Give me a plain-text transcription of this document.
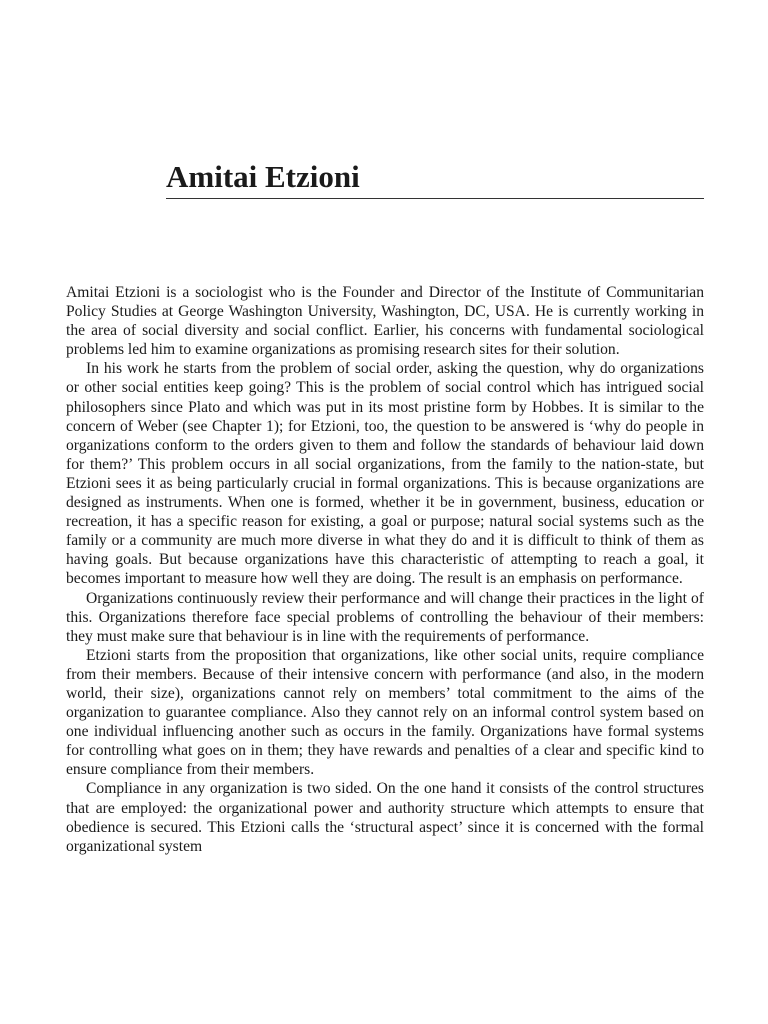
Amitai Etzioni

Amitai Etzioni is a sociologist who is the Founder and Director of the Institute of Communitarian Policy Studies at George Washington University, Washington, DC, USA. He is currently working in the area of social diversity and social conflict. Earlier, his concerns with fundamental sociological problems led him to examine organizations as promising research sites for their solution.

In his work he starts from the problem of social order, asking the question, why do organizations or other social entities keep going? This is the problem of social control which has intrigued social philosophers since Plato and which was put in its most pristine form by Hobbes. It is similar to the concern of Weber (see Chapter 1); for Etzioni, too, the question to be answered is ‘why do people in organizations conform to the orders given to them and follow the standards of behaviour laid down for them?’ This problem occurs in all social organizations, from the family to the nation-state, but Etzioni sees it as being particularly crucial in formal organizations. This is because organizations are designed as instruments. When one is formed, whether it be in government, business, education or recreation, it has a specific reason for existing, a goal or purpose; natural social systems such as the family or a community are much more diverse in what they do and it is difficult to think of them as having goals. But because organizations have this characteristic of attempting to reach a goal, it becomes important to measure how well they are doing. The result is an emphasis on performance.

Organizations continuously review their performance and will change their practices in the light of this. Organizations therefore face special problems of controlling the behaviour of their members: they must make sure that behaviour is in line with the requirements of performance.

Etzioni starts from the proposition that organizations, like other social units, require compliance from their members. Because of their intensive concern with performance (and also, in the modern world, their size), organizations cannot rely on members’ total commitment to the aims of the organization to guarantee compliance. Also they cannot rely on an informal control system based on one individual influencing another such as occurs in the family. Organizations have formal systems for controlling what goes on in them; they have rewards and penalties of a clear and specific kind to ensure compliance from their members.

Compliance in any organization is two sided. On the one hand it consists of the control structures that are employed: the organizational power and authority structure which attempts to ensure that obedience is secured. This Etzioni calls the ‘structural aspect’ since it is concerned with the formal organizational system
